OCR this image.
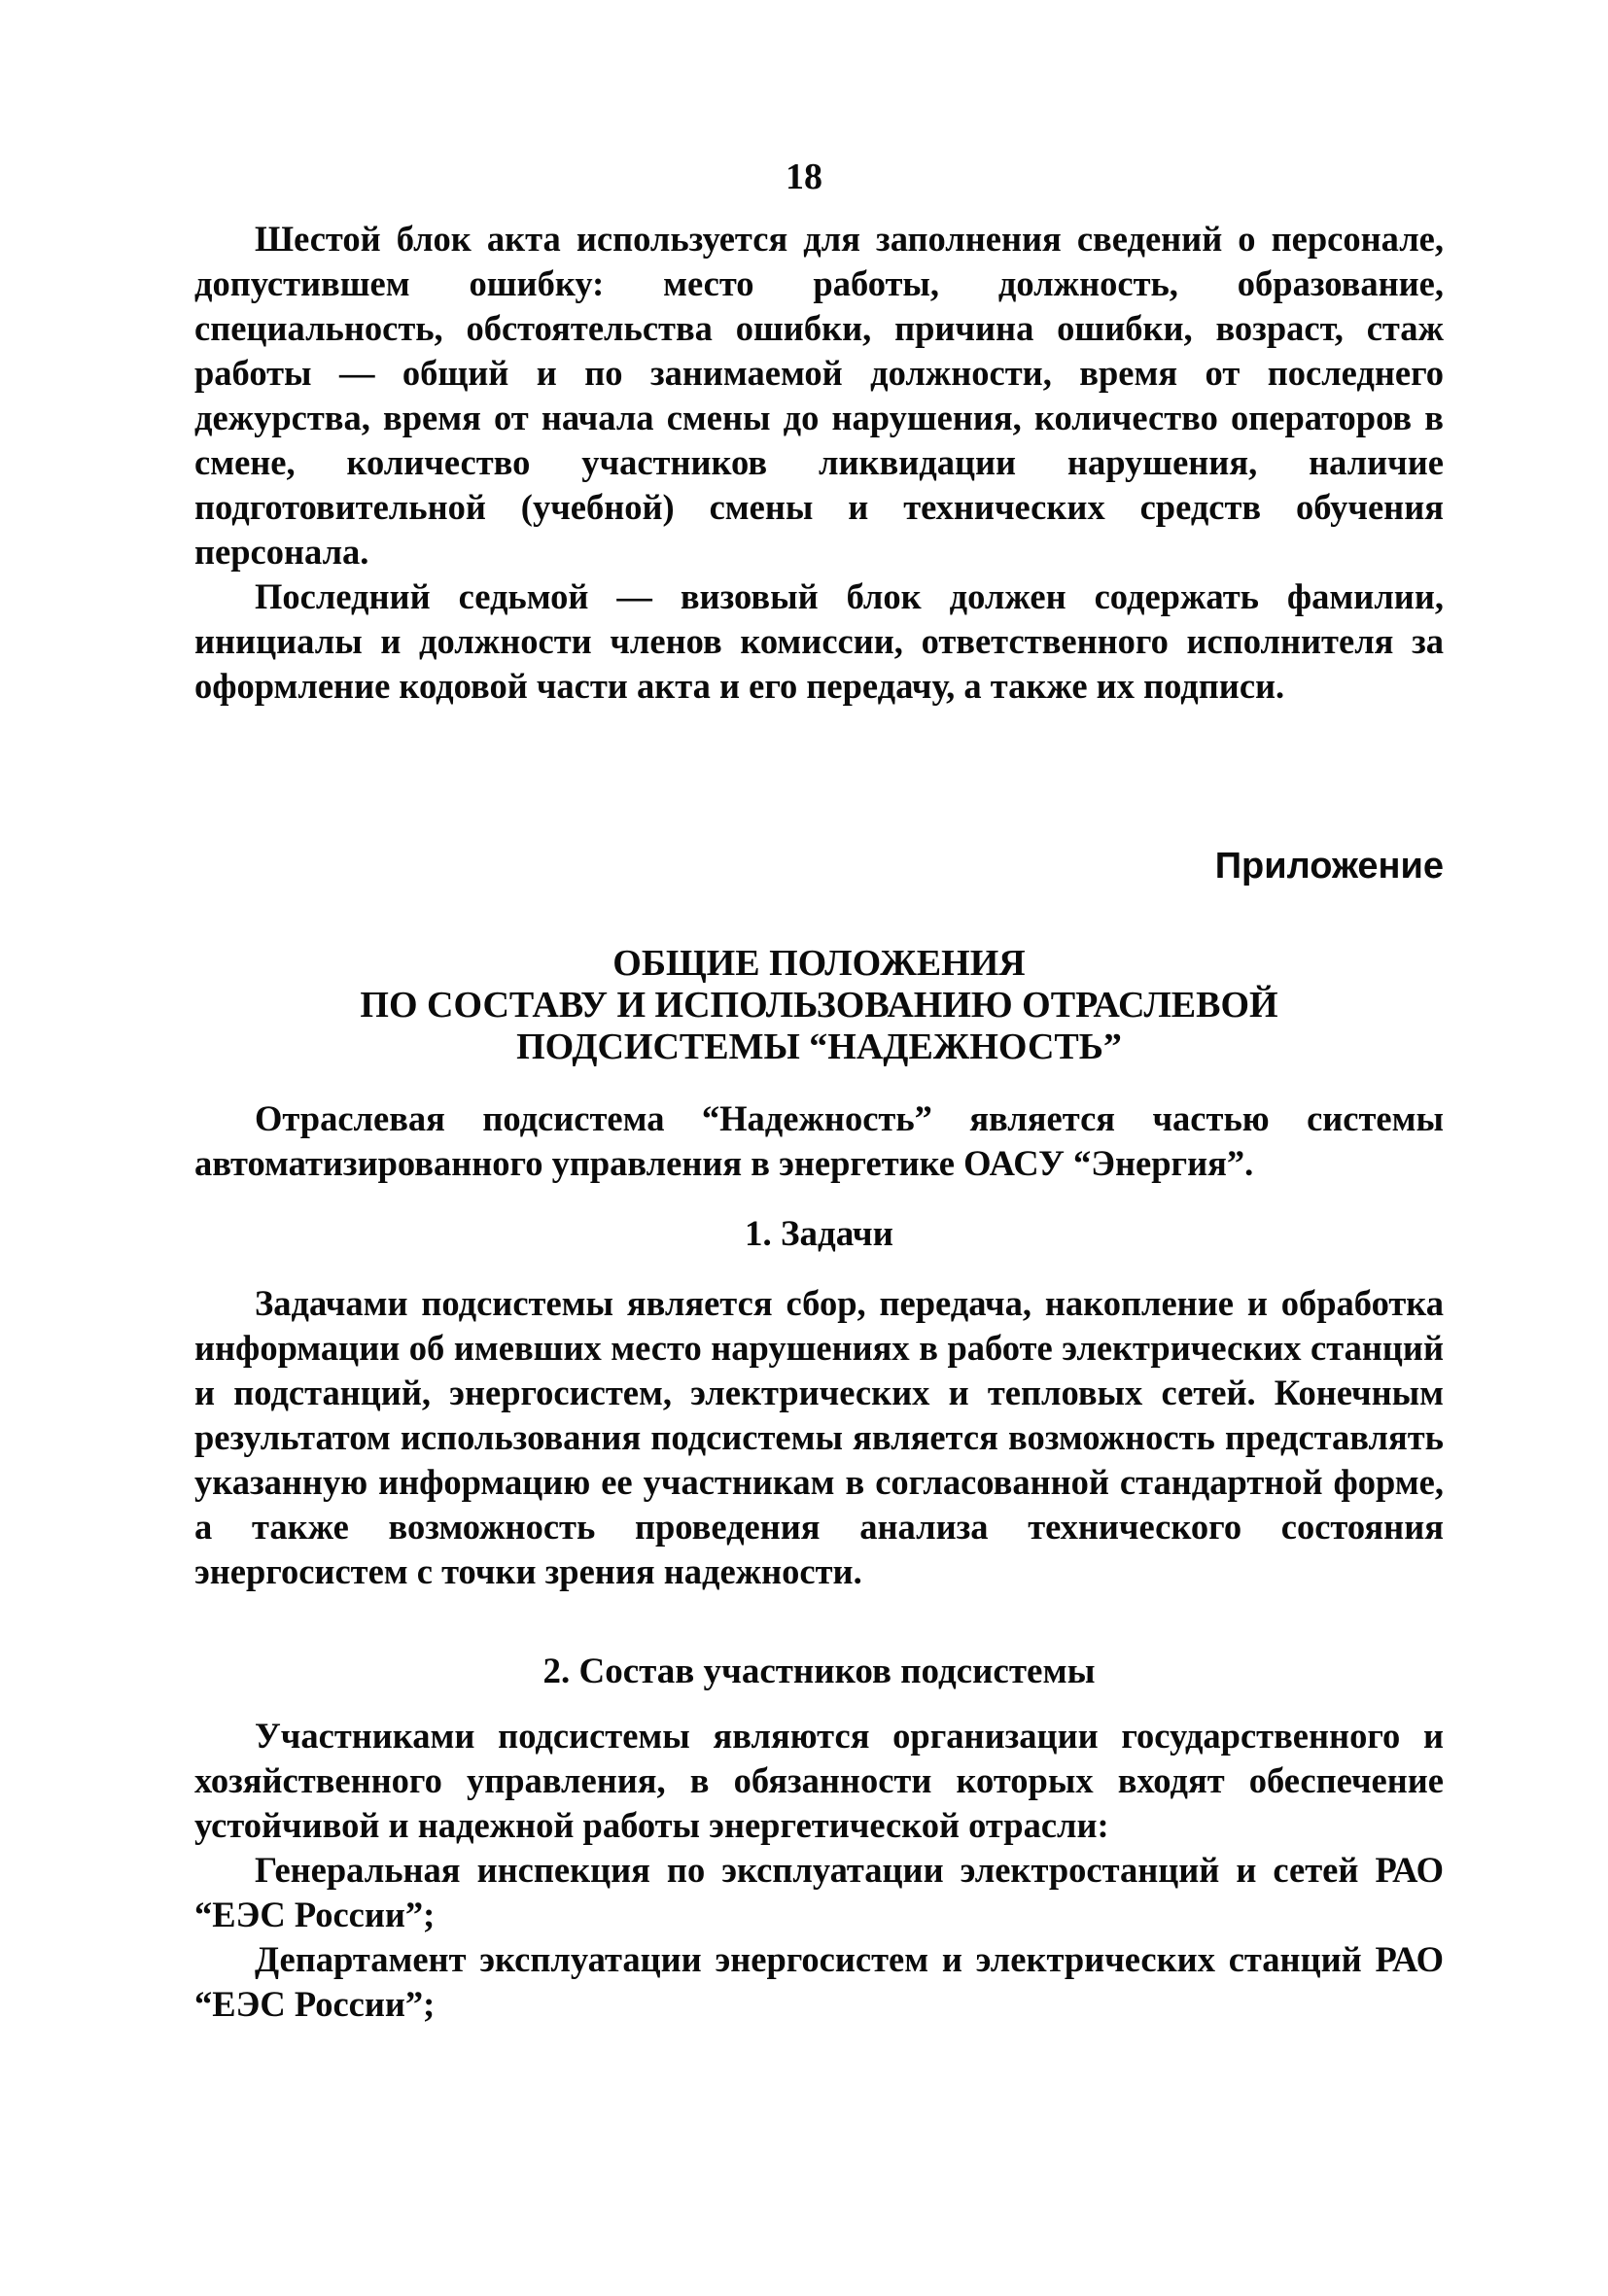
18

Шестой блок акта используется для заполнения сведений о персонале, допустившем ошибку: место работы, должность, образование, специальность, обстоятельства ошибки, причина ошибки, возраст, стаж работы — общий и по занимаемой должности, время от последнего дежурства, время от начала смены до нарушения, количество операторов в смене, количество участников ликвидации нарушения, наличие подготовительной (учебной) смены и технических средств обучения персонала.

Последний седьмой — визовый блок должен содержать фамилии, инициалы и должности членов комиссии, ответственного исполнителя за оформление кодовой части акта и его передачу, а также их подписи.

Приложение
ОБЩИЕ ПОЛОЖЕНИЯ
ПО СОСТАВУ И ИСПОЛЬЗОВАНИЮ ОТРАСЛЕВОЙ
ПОДСИСТЕМЫ “НАДЕЖНОСТЬ”

Отраслевая подсистема “Надежность” является частью системы автоматизированного управления в энергетике ОАСУ “Энергия”.

1. Задачи

Задачами подсистемы является сбор, передача, накопление и обработка информации об имевших место нарушениях в работе электрических станций и подстанций, энергосистем, электрических и тепловых сетей. Конечным результатом использования подсистемы является возможность представлять указанную информацию ее участникам в согласованной стандартной форме, а также возможность проведения анализа технического состояния энергосистем с точки зрения надежности.

2. Состав участников подсистемы

Участниками подсистемы являются организации государственного и хозяйственного управления, в обязанности которых входят обеспечение устойчивой и надежной работы энергетической отрасли:

Генеральная инспекция по эксплуатации электростанций и сетей РАО “ЕЭС России”;

Департамент эксплуатации энергосистем и электрических станций РАО “ЕЭС России”;
